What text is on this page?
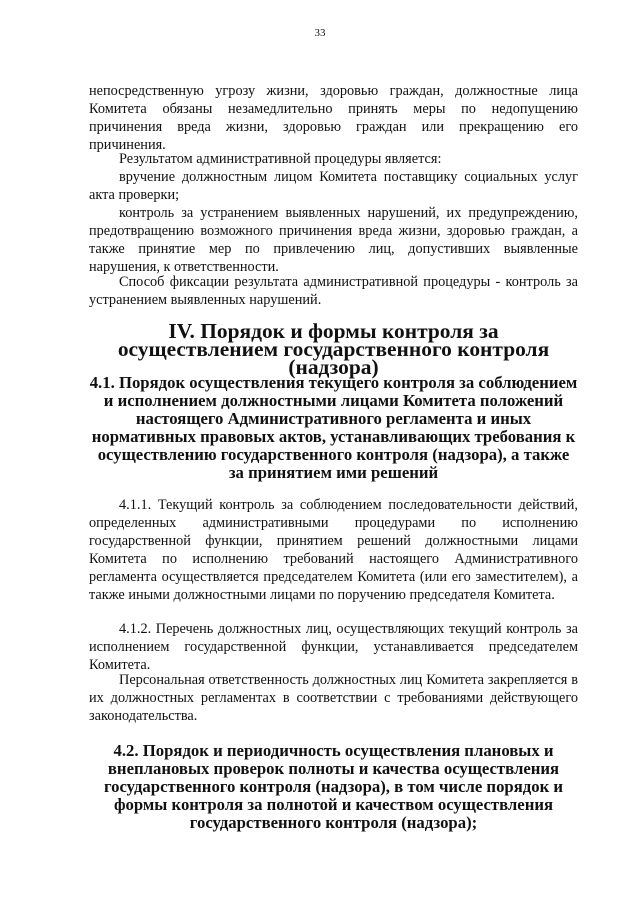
33

непосредственную угрозу жизни, здоровью граждан, должностные лица Комитета обязаны незамедлительно принять меры по недопущению причинения вреда жизни, здоровью граждан или прекращению его причинения.

Результатом административной процедуры является:

вручение должностным лицом Комитета поставщику социальных услуг акта проверки;

контроль за устранением выявленных нарушений, их предупреждению, предотвращению возможного причинения вреда жизни, здоровью граждан, а также принятие мер по привлечению лиц, допустивших выявленные нарушения, к ответственности.

Способ фиксации результата административной процедуры - контроль за устранением выявленных нарушений.

IV. Порядок и формы контроля за осуществлением государственного контроля (надзора)
4.1. Порядок осуществления текущего контроля за соблюдением и исполнением должностными лицами Комитета положений настоящего Административного регламента и иных нормативных правовых актов, устанавливающих требования к осуществлению государственного контроля (надзора), а также за принятием ими решений

4.1.1. Текущий контроль за соблюдением последовательности действий, определенных административными процедурами по исполнению государственной функции, принятием решений должностными лицами Комитета по исполнению требований настоящего Административного регламента осуществляется председателем Комитета (или его заместителем), а также иными должностными лицами по поручению председателя Комитета.

4.1.2. Перечень должностных лиц, осуществляющих текущий контроль за исполнением государственной функции, устанавливается председателем Комитета.

Персональная ответственность должностных лиц Комитета закрепляется в их должностных регламентах в соответствии с требованиями действующего законодательства.

4.2. Порядок и периодичность осуществления плановых и внеплановых проверок полноты и качества осуществления государственного контроля (надзора), в том числе порядок и формы контроля за полнотой и качеством осуществления государственного контроля (надзора);
